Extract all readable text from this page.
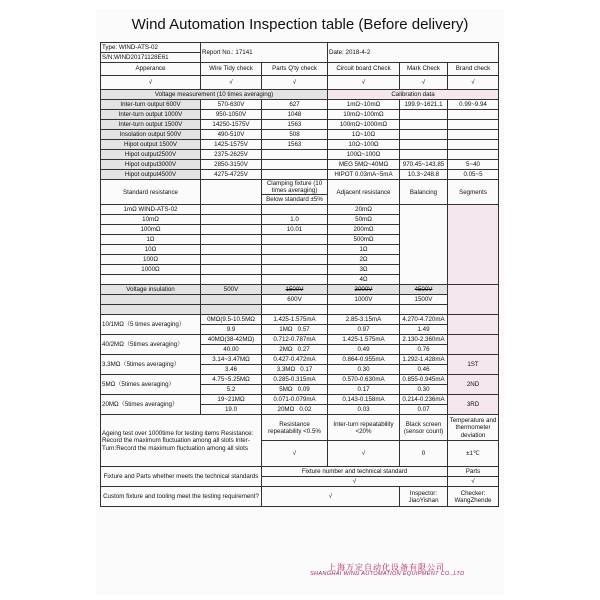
Wind Automation Inspection table (Before delivery)
Type: WIND-ATS-02	Report No.: 17141		Date: 2018-4-2		
S/N:WIND20171128E61					
Apperance	Wire Tidy check	Parts Q'ty check	Circuit board Check	Mark Check	Brand check
√	√	√	√	√	√
Voltage measurement (10 times averaging)			Calibration data		
Inter-turn output 600V	570-630V	627	1mΩ~10mΩ	199.9~1621.1	0.99~9.94
Inter-turn output 1000V	950-1050V	1048	10mΩ~100mΩ		
Inter-turn output 1500V	14250-1575V	1563	100mΩ~1000mΩ		
Insolation output 500V	490-510V	508	1Ω~10Ω		
Hipot output 1500V	1425-1575V	1563	10Ω~100Ω		
Hipot output2500V	2375-2625V		100Ω~100Ω		
Hipot output3000V	2850-3150V		MEG 5MΩ~40MΩ	970.45~143.85	5~40
Hipot output4500V	4275-4725V		HIPOT 0.03mA~5mA	10.3~248.8	0.05~5
Standard resistance		Clamping fixture (10 times averaging)	Adjacent resistance	Balancing	Segments
		Below standard ±5%			
1mΩ WIND-ATS-02			20mΩ		
10mΩ		1.0	50mΩ		
100mΩ		10.01	200mΩ		
1Ω			500mΩ		
10Ω			1Ω		
100Ω			2Ω		
1000Ω			3Ω		
			4Ω		
Voltage insulation	500V	1500V	3000V	4500V	
		600V	1000V	1500V	

10/1MΩ（5 times averaging）	0MΩ(9.5-10.5MΩ	1.425-1.575mA	2.85-3.15mA	4.270-4.720mA	
	9.9	1MΩ 0.57	0.97	1.49	
40/2MΩ（5times averaging）	40MΩ(38-42MΩ)	0.712-0.787mA	1.425-1.575mA	2.130-2.360mA	
	40.00	2MΩ 0.27	0.49	0.76	
3.3MΩ（5times averaging）	3.14~3.47MΩ	0.427-0.472mA	0.864-0.955mA	1.292-1.428mA	1ST
	3.46	3.3MΩ 0.17	0.30	0.46	
5MΩ（5times averaging）	4.75~5.25MΩ	0.285-0.315mA	0.570-0.630mA	0.855-0.945mA	2ND
	5.2	5MΩ 0.09	0.17	0.30	
20MΩ（5times averaging）	19~21MΩ	0.071-0.079mA	0.143-0.158mA	0.214-0.236mA	3RD
	19.0	20MΩ 0.02	0.03	0.07	
Ageing test over 1000time for testing items Resistance: Record the maximum fluctuation among all slots Inter-Turn:Record the maximum fluctuation among all slots		Resistance repeatability <0.5%	Inter-turn repeatability <20%	Black screen (sensor count)	Temperature and thermometer deviation
		√	√	0	±1℃
Fixture and Parts whether meets the technical standards		Fixture number and technical standard			Parts
		√			√
Custom fixture and tooling meet the testing requirement?		√		Inspector: JiaoYishan	Checker: WangZhende
上海万定自动化设备有限公司
SHANGHAI WIND AUTOMATION EQUIPMENT CO.,LTD
